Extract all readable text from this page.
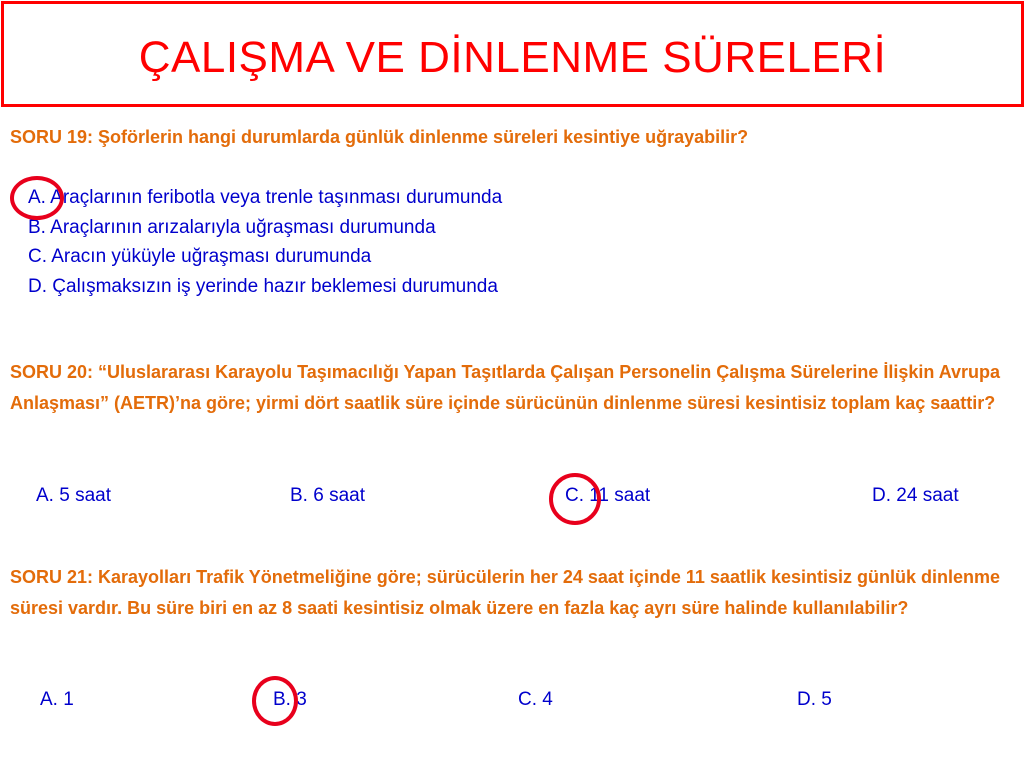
ÇALIŞMA VE DİNLENME SÜRELERİ

SORU 19: Şoförlerin hangi durumlarda günlük dinlenme süreleri kesintiye uğrayabilir?

A. Araçlarının feribotla veya trenle taşınması durumunda
B. Araçlarının arızalarıyla uğraşması durumunda
C. Aracın yüküyle uğraşması durumunda
D. Çalışmaksızın iş yerinde hazır beklemesi durumunda

SORU 20: “Uluslararası Karayolu Taşımacılığı Yapan Taşıtlarda Çalışan Personelin Çalışma Sürelerine İlişkin Avrupa Anlaşması” (AETR)’na göre; yirmi dört saatlik süre içinde sürücünün dinlenme süresi kesintisiz toplam kaç saattir?

A. 5 saat	B. 6 saat	C. 11 saat	D. 24 saat

SORU 21: Karayolları Trafik Yönetmeliğine göre; sürücülerin her 24 saat içinde 11 saatlik kesintisiz günlük dinlenme süresi vardır. Bu süre biri en az 8 saati kesintisiz olmak üzere en fazla kaç ayrı süre halinde kullanılabilir?

A. 1	B. 3	C. 4	D. 5
